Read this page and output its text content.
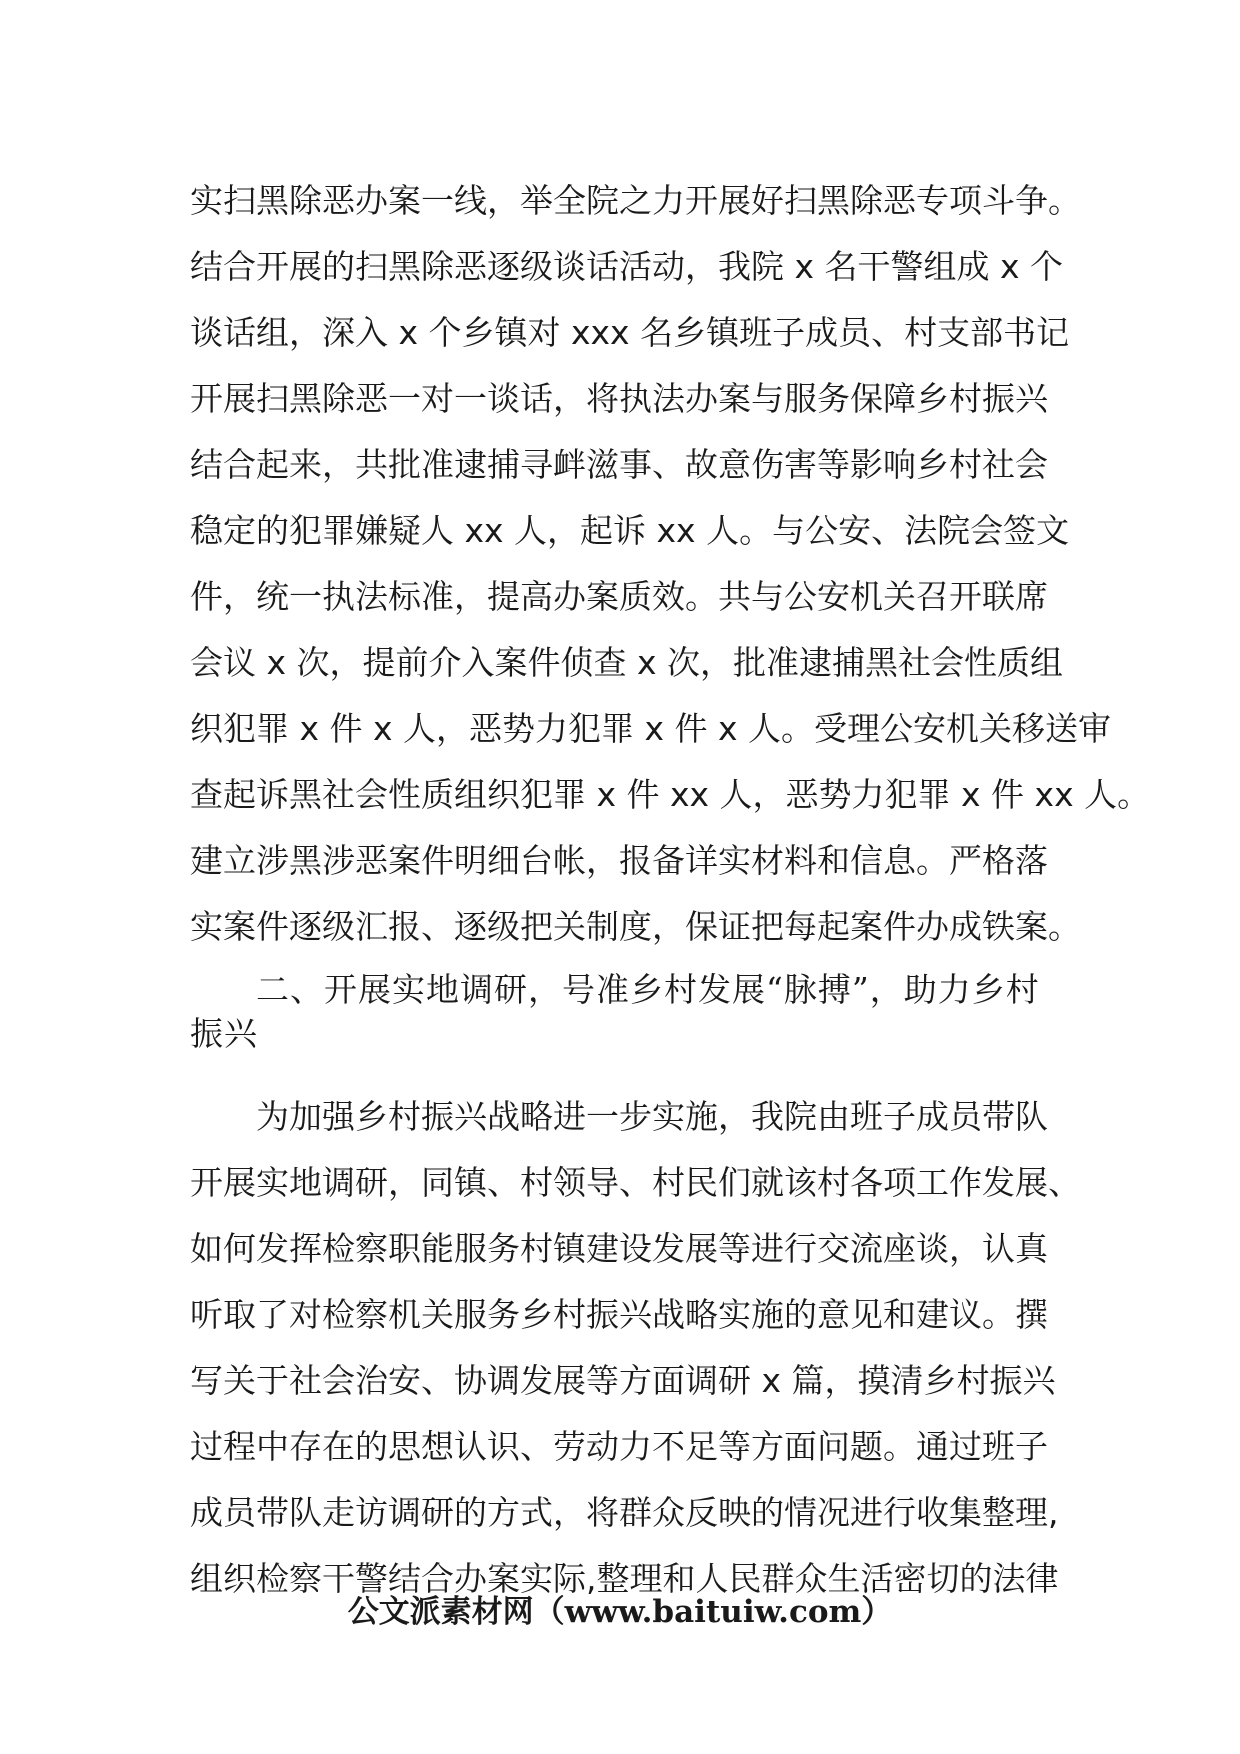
实扫黑除恶办案一线，举全院之力开展好扫黑除恶专项斗争。
结合开展的扫黑除恶逐级谈话活动，我院 x 名干警组成 x 个
谈话组，深入 x 个乡镇对 xxx 名乡镇班子成员、村支部书记
开展扫黑除恶一对一谈话，将执法办案与服务保障乡村振兴
结合起来，共批准逮捕寻衅滋事、故意伤害等影响乡村社会
稳定的犯罪嫌疑人 xx 人，起诉 xx 人。与公安、法院会签文
件，统一执法标准，提高办案质效。共与公安机关召开联席
会议 x 次，提前介入案件侦查 x 次，批准逮捕黑社会性质组
织犯罪 x 件 x 人，恶势力犯罪 x 件 x 人。受理公安机关移送审
查起诉黑社会性质组织犯罪 x 件 xx 人，恶势力犯罪 x 件 xx 人。
建立涉黑涉恶案件明细台帐，报备详实材料和信息。严格落
实案件逐级汇报、逐级把关制度，保证把每起案件办成铁案。
二、开展实地调研，号准乡村发展“脉搏”，助力乡村
振兴
为加强乡村振兴战略进一步实施，我院由班子成员带队
开展实地调研，同镇、村领导、村民们就该村各项工作发展、
如何发挥检察职能服务村镇建设发展等进行交流座谈，认真
听取了对检察机关服务乡村振兴战略实施的意见和建议。撰
写关于社会治安、协调发展等方面调研 x 篇，摸清乡村振兴
过程中存在的思想认识、劳动力不足等方面问题。通过班子
成员带队走访调研的方式，将群众反映的情况进行收集整理,
组织检察干警结合办案实际,整理和人民群众生活密切的法律
公文派素材网（www.baituiw.com）
